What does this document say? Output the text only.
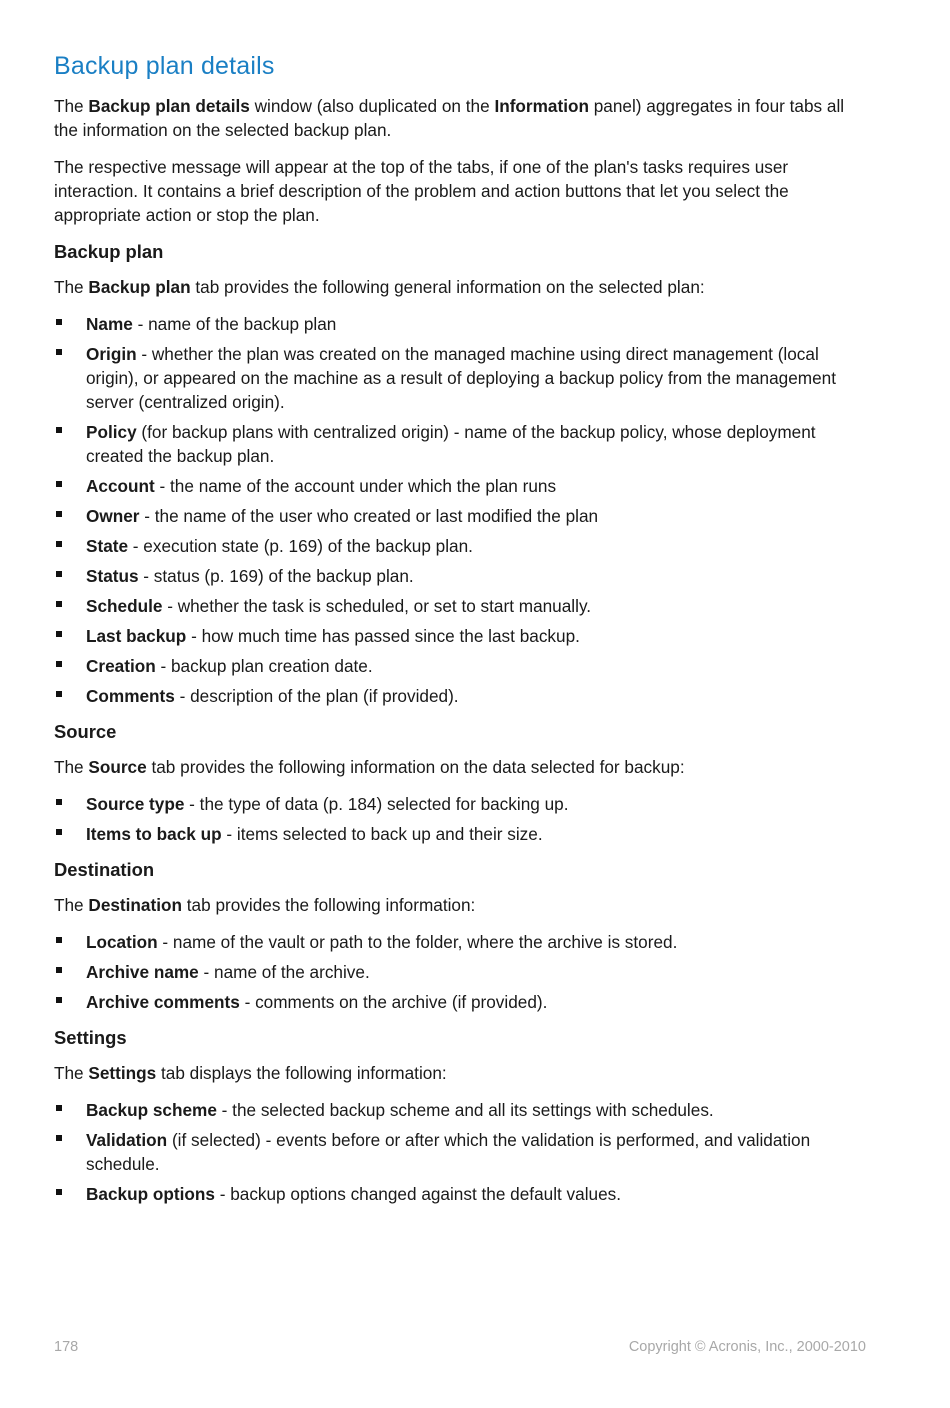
Backup plan details

The Backup plan details window (also duplicated on the Information panel) aggregates in four tabs all the information on the selected backup plan.

The respective message will appear at the top of the tabs, if one of the plan's tasks requires user interaction. It contains a brief description of the problem and action buttons that let you select the appropriate action or stop the plan.

Backup plan

The Backup plan tab provides the following general information on the selected plan:

Name - name of the backup plan
Origin - whether the plan was created on the managed machine using direct management (local origin), or appeared on the machine as a result of deploying a backup policy from the management server (centralized origin).
Policy (for backup plans with centralized origin) - name of the backup policy, whose deployment created the backup plan.
Account - the name of the account under which the plan runs
Owner - the name of the user who created or last modified the plan
State - execution state (p. 169) of the backup plan.
Status - status (p. 169) of the backup plan.
Schedule - whether the task is scheduled, or set to start manually.
Last backup - how much time has passed since the last backup.
Creation - backup plan creation date.
Comments - description of the plan (if provided).
Source

The Source tab provides the following information on the data selected for backup:

Source type - the type of data (p. 184) selected for backing up.
Items to back up - items selected to back up and their size.
Destination

The Destination tab provides the following information:

Location - name of the vault or path to the folder, where the archive is stored.
Archive name - name of the archive.
Archive comments - comments on the archive (if provided).
Settings

The Settings tab displays the following information:

Backup scheme - the selected backup scheme and all its settings with schedules.
Validation (if selected) - events before or after which the validation is performed, and validation schedule.
Backup options - backup options changed against the default values.
178	Copyright © Acronis, Inc., 2000-2010
